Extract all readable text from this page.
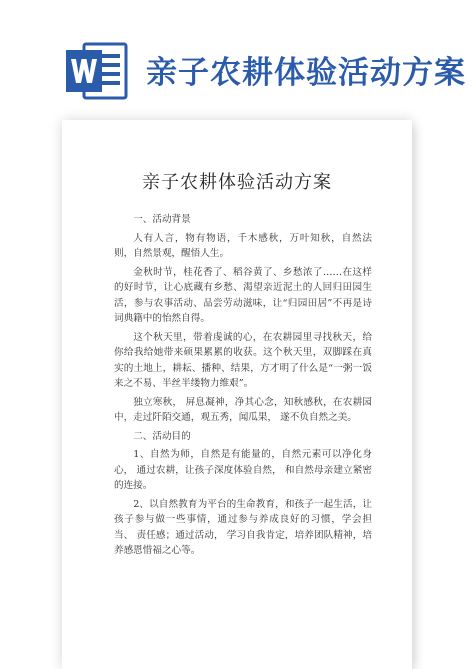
亲子农耕体验活动方案
亲子农耕体验活动方案

一、活动背景

人有人言，物有物语，千木感秋，万叶知秋，自然法则，自然景观，醒悟人生。

金秋时节，桂花香了、稻谷黄了、乡愁浓了……在这样的好时节，让心底藏有乡愁、渴望亲近泥土的人回归田园生活，参与农事活动、品尝劳动滋味，让“归园田居”不再是诗词典籍中的怡然自得。

这个秋天里，带着虔诚的心，在农耕园里寻找秋天，给你给我给她带来硕果累累的收获。这个秋天里，双脚踩在真实的土地上，耕耘、播种、结果，方才明了什么是“一粥一饭来之不易、半丝半缕物力维艰”。

独立寒秋， 屏息凝神，净其心念，知秋感秋，在农耕园中，走过阡陌交通，观五秀，闻瓜果， 遂不负自然之美。

二、活动目的

1、自然为师，自然是有能量的，自然元素可以净化身心， 通过农耕，让孩子深度体验自然， 和自然母亲建立紧密的连接。

2、以自然教育为平台的生命教育，和孩子一起生活，让孩子参与做一些事情，通过参与养成良好的习惯，学会担当、 责任感；通过活动， 学习自我肯定，培养团队精神，培养感恩惜福之心等。
